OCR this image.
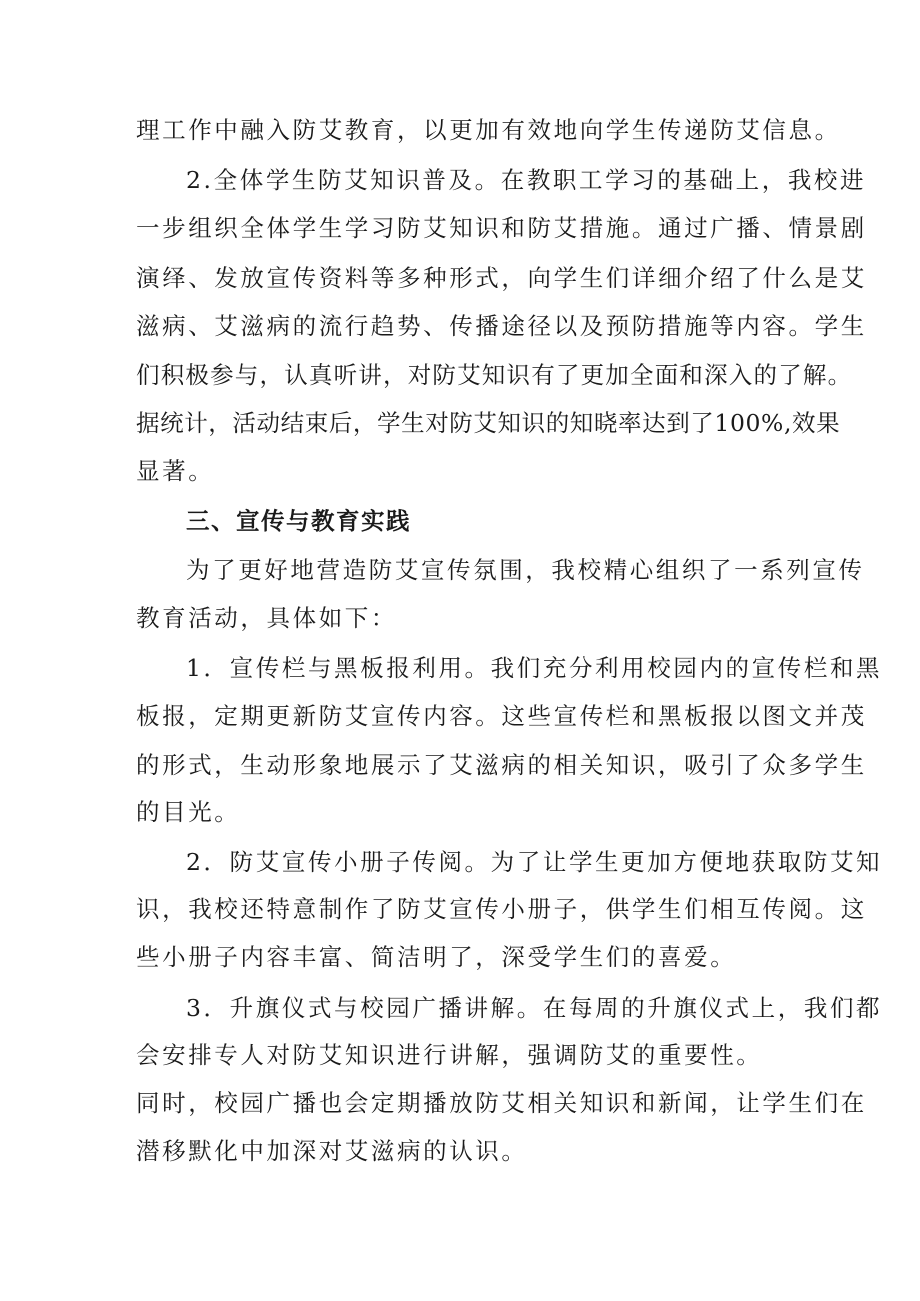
理工作中融入防艾教育，以更加有效地向学生传递防艾信息。

2.全体学生防艾知识普及。在教职工学习的基础上，我校进

一步组织全体学生学习防艾知识和防艾措施。通过广播、情景剧

演绎、发放宣传资料等多种形式，向学生们详细介绍了什么是艾

滋病、艾滋病的流行趋势、传播途径以及预防措施等内容。学生

们积极参与，认真听讲，对防艾知识有了更加全面和深入的了解。

据统计，活动结束后，学生对防艾知识的知晓率达到了100%,效果

显著。

三、宣传与教育实践

为了更好地营造防艾宣传氛围，我校精心组织了一系列宣传

教育活动，具体如下：

1．宣传栏与黑板报利用。我们充分利用校园内的宣传栏和黑

板报，定期更新防艾宣传内容。这些宣传栏和黑板报以图文并茂

的形式，生动形象地展示了艾滋病的相关知识，吸引了众多学生

的目光。

2．防艾宣传小册子传阅。为了让学生更加方便地获取防艾知

识，我校还特意制作了防艾宣传小册子，供学生们相互传阅。这

些小册子内容丰富、简洁明了，深受学生们的喜爱。

3．升旗仪式与校园广播讲解。在每周的升旗仪式上，我们都

会安排专人对防艾知识进行讲解，强调防艾的重要性。

同时，校园广播也会定期播放防艾相关知识和新闻，让学生们在

潜移默化中加深对艾滋病的认识。
